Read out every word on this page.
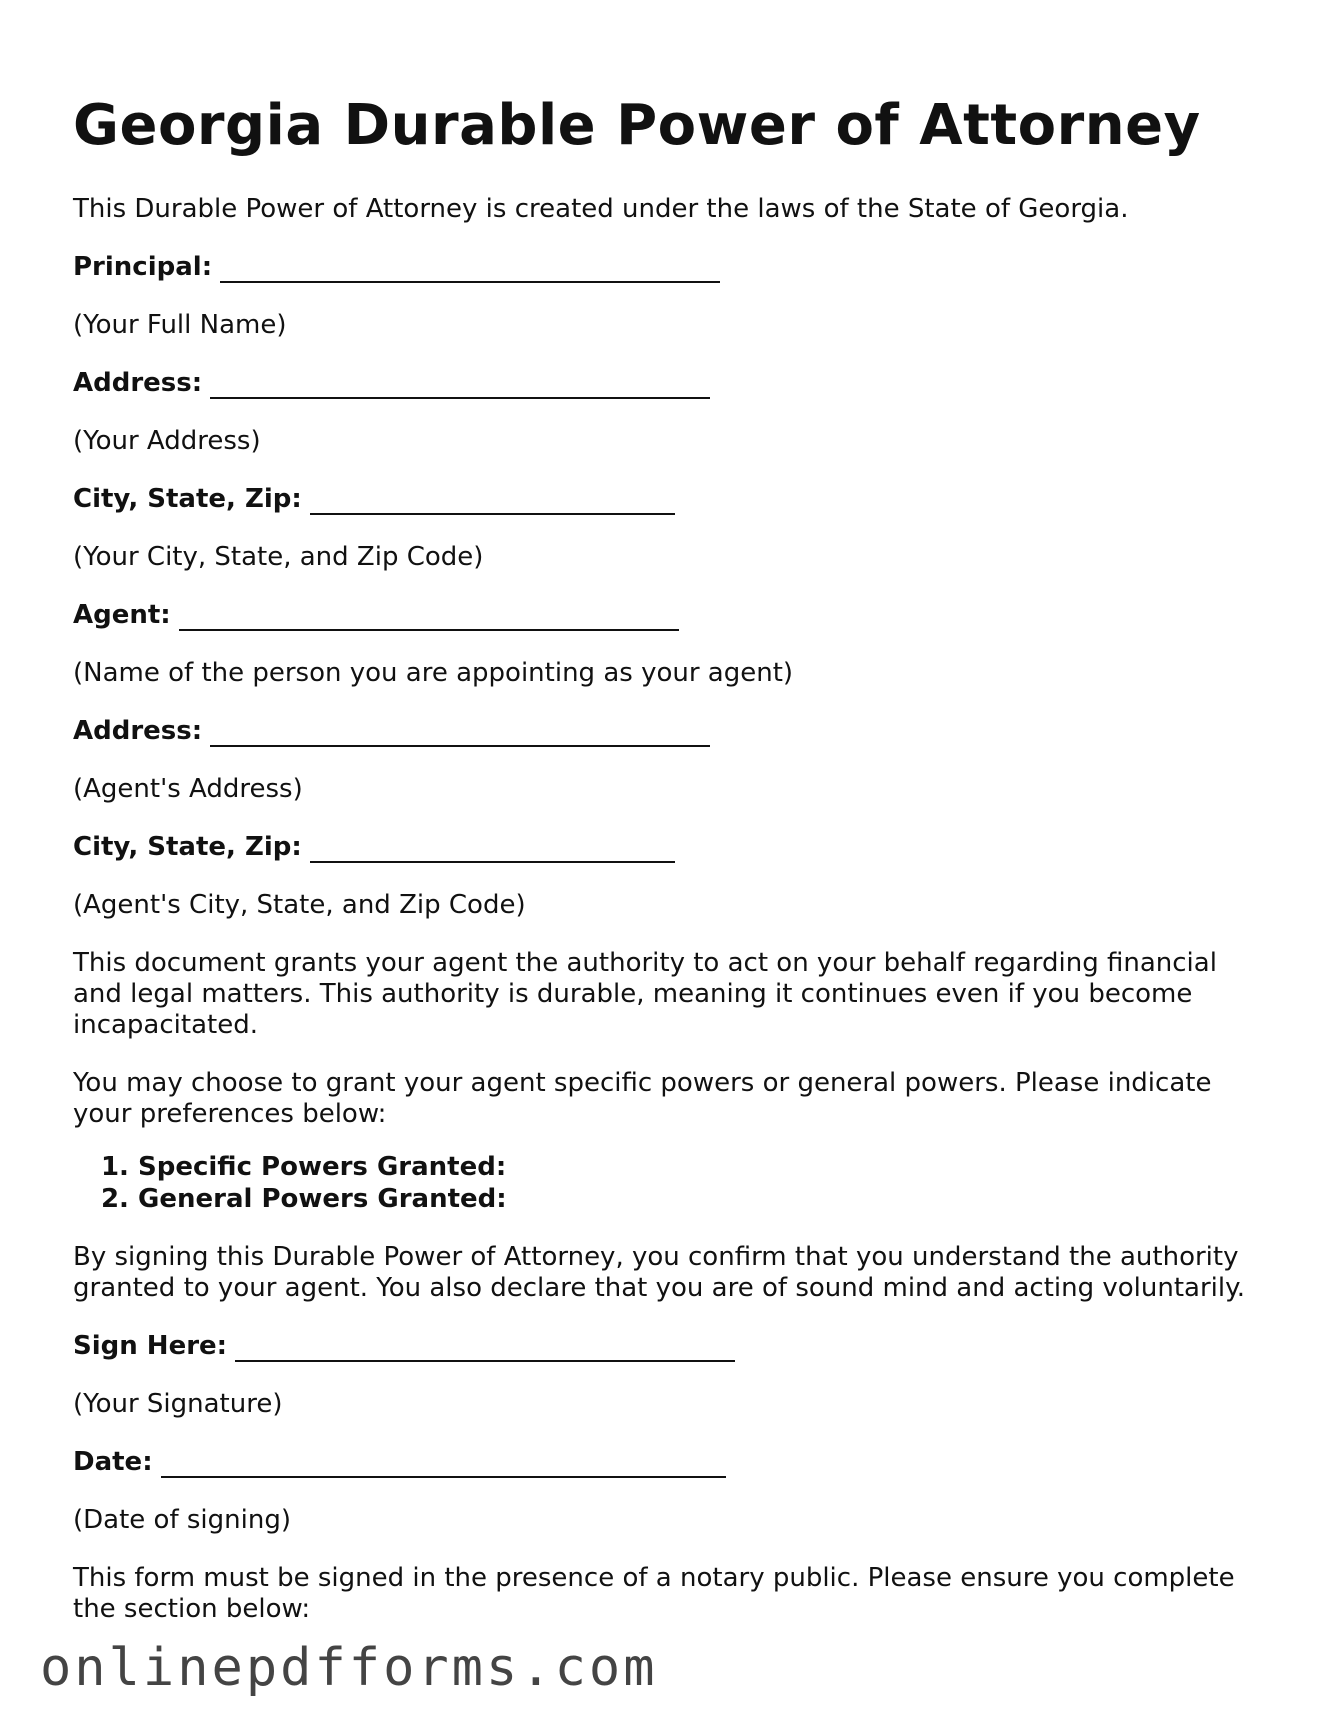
Georgia Durable Power of Attorney

This Durable Power of Attorney is created under the laws of the State of Georgia.

Principal:
(Your Full Name)
Address:
(Your Address)
City, State, Zip:
(Your City, State, and Zip Code)
Agent:
(Name of the person you are appointing as your agent)
Address:
(Agent's Address)
City, State, Zip:
(Agent's City, State, and Zip Code)

This document grants your agent the authority to act on your behalf regarding financial and legal matters. This authority is durable, meaning it continues even if you become incapacitated.

You may choose to grant your agent specific powers or general powers. Please indicate your preferences below:

1. Specific Powers Granted:
2. General Powers Granted:

By signing this Durable Power of Attorney, you confirm that you understand the authority granted to your agent. You also declare that you are of sound mind and acting voluntarily.

Sign Here:
(Your Signature)
Date:
(Date of signing)

This form must be signed in the presence of a notary public. Please ensure you complete the section below:

onlinepdfforms.com
